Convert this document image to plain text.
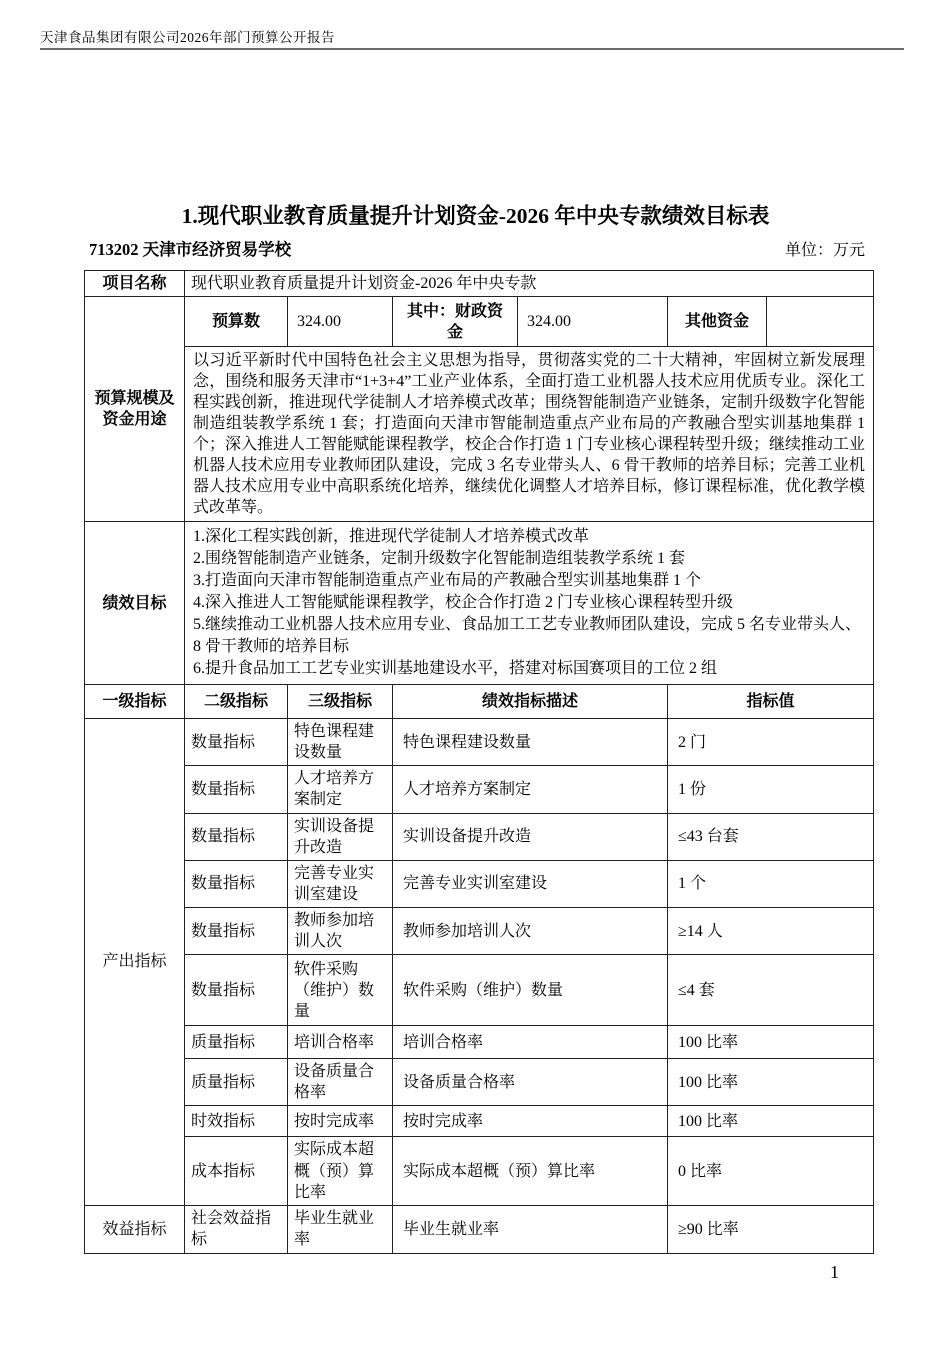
天津食品集团有限公司2026年部门预算公开报告
1.现代职业教育质量提升计划资金-2026 年中央专款绩效目标表
713202 天津市经济贸易学校	单位：万元
项目名称	现代职业教育质量提升计划资金-2026 年中央专款					
预算规模及资金用途	预算数	324.00	其中：财政资金	324.00	其他资金	
	以习近平新时代中国特色社会主义思想为指导，贯彻落实党的二十大精神，牢固树立新发展理念，围绕和服务天津市“1+3+4”工业产业体系，全面打造工业机器人技术应用优质专业。深化工程实践创新，推进现代学徒制人才培养模式改革；围绕智能制造产业链条，定制升级数字化智能制造组装教学系统 1 套；打造面向天津市智能制造重点产业布局的产教融合型实训基地集群 1 个；深入推进人工智能赋能课程教学，校企合作打造 1 门专业核心课程转型升级；继续推动工业机器人技术应用专业教师团队建设，完成 3 名专业带头人、6 骨干教师的培养目标；完善工业机器人技术应用专业中高职系统化培养，继续优化调整人才培养目标，修订课程标准，优化教学模式改革等。					
绩效目标	
1.深化工程实践创新，推进现代学徒制人才培养模式改革
2.围绕智能制造产业链条，定制升级数字化智能制造组装教学系统 1 套
3.打造面向天津市智能制造重点产业布局的产教融合型实训基地集群 1 个
4.深入推进人工智能赋能课程教学，校企合作打造 2 门专业核心课程转型升级
5.继续推动工业机器人技术应用专业、食品加工工艺专业教师团队建设，完成 5 名专业带头人、8 骨干教师的培养目标
6.提升食品加工工艺专业实训基地建设水平，搭建对标国赛项目的工位 2 组

一级指标	二级指标	三级指标	绩效指标描述		指标值	
产出指标	数量指标	特色课程建设数量	特色课程建设数量		2 门	
	数量指标	人才培养方案制定	人才培养方案制定		1 份	
	数量指标	实训设备提升改造	实训设备提升改造		≤43 台套	
	数量指标	完善专业实训室建设	完善专业实训室建设		1 个	
	数量指标	教师参加培训人次	教师参加培训人次		≥14 人	
	数量指标	软件采购（维护）数量	软件采购（维护）数量		≤4 套	
	质量指标	培训合格率	培训合格率		100 比率	
	质量指标	设备质量合格率	设备质量合格率		100 比率	
	时效指标	按时完成率	按时完成率		100 比率	
	成本指标	实际成本超概（预）算比率	实际成本超概（预）算比率		0 比率	
效益指标	社会效益指标	毕业生就业率	毕业生就业率		≥90 比率	
1
